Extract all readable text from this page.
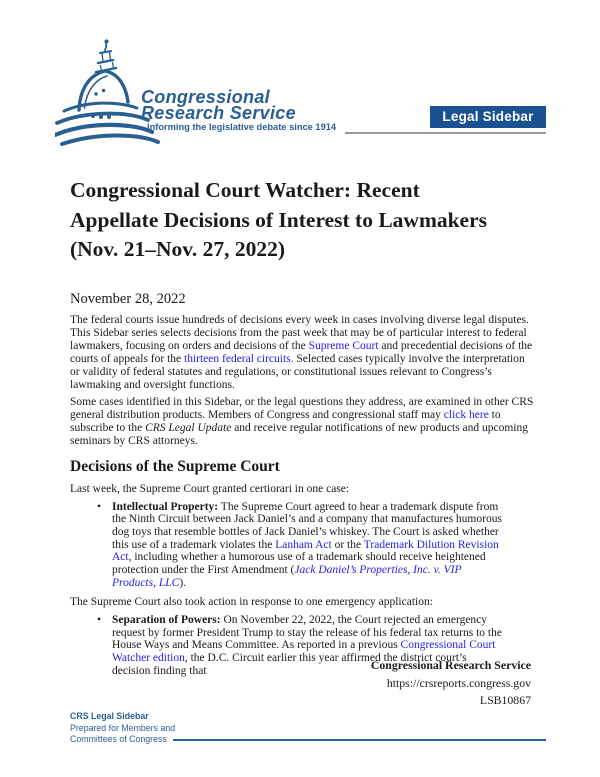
Congressional
Research Service
Informing the legislative debate since 1914
Legal Sidebar
Congressional Court Watcher: Recent
Appellate Decisions of Interest to Lawmakers
(Nov. 21–Nov. 27, 2022)
November 28, 2022

The federal courts issue hundreds of decisions every week in cases involving diverse legal disputes. This Sidebar series selects decisions from the past week that may be of particular interest to federal lawmakers, focusing on orders and decisions of the Supreme Court and precedential decisions of the courts of appeals for the thirteen federal circuits. Selected cases typically involve the interpretation or validity of federal statutes and regulations, or constitutional issues relevant to Congress’s lawmaking and oversight functions.

Some cases identified in this Sidebar, or the legal questions they address, are examined in other CRS general distribution products. Members of Congress and congressional staff may click here to subscribe to the CRS Legal Update and receive regular notifications of new products and upcoming seminars by CRS attorneys.

Decisions of the Supreme Court

Last week, the Supreme Court granted certiorari in one case:

• Intellectual Property: The Supreme Court agreed to hear a trademark dispute from the Ninth Circuit between Jack Daniel’s and a company that manufactures humorous dog toys that resemble bottles of Jack Daniel’s whiskey. The Court is asked whether this use of a trademark violates the Lanham Act or the Trademark Dilution Revision Act, including whether a humorous use of a trademark should receive heightened protection under the First Amendment (Jack Daniel’s Properties, Inc. v. VIP Products, LLC).

The Supreme Court also took action in response to one emergency application:

• Separation of Powers: On November 22, 2022, the Court rejected an emergency request by former President Trump to stay the release of his federal tax returns to the House Ways and Means Committee. As reported in a previous Congressional Court Watcher edition, the D.C. Circuit earlier this year affirmed the district court’s decision finding that	Congressional Research Service
https://crsreports.congress.gov
LSB10867
CRS Legal Sidebar
Prepared for Members and
Committees of Congress
